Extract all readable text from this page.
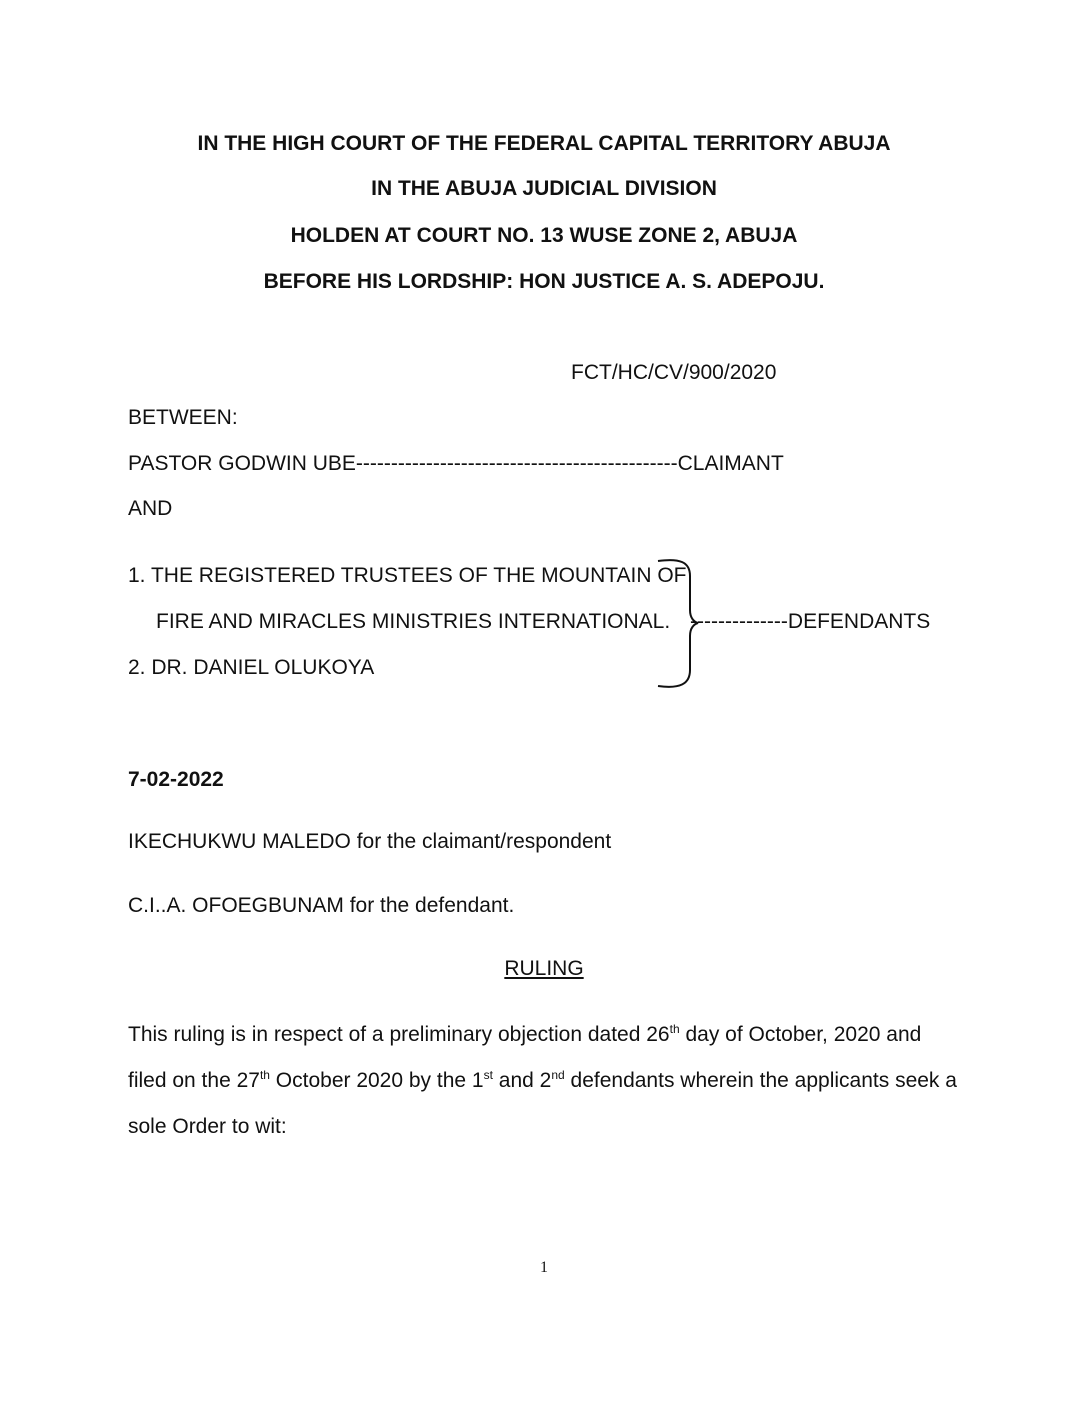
IN THE HIGH COURT OF THE FEDERAL CAPITAL TERRITORY ABUJA
IN THE ABUJA JUDICIAL DIVISION
HOLDEN AT COURT NO. 13 WUSE ZONE 2, ABUJA
BEFORE HIS LORDSHIP: HON JUSTICE A. S. ADEPOJU.
FCT/HC/CV/900/2020
BETWEEN:
PASTOR GODWIN UBE----------------------------------------------CLAIMANT
AND
1. THE REGISTERED TRUSTEES OF THE MOUNTAIN OF
FIRE AND MIRACLES MINISTRIES INTERNATIONAL.
2. DR. DANIEL OLUKOYA
--------------DEFENDANTS
7-02-2022
IKECHUKWU MALEDO for the claimant/respondent
C.I..A. OFOEGBUNAM for the defendant.
RULING
This ruling is in respect of a preliminary objection dated 26th day of October, 2020 and filed on the 27th October 2020 by the 1st and 2nd defendants wherein the applicants seek a sole Order to wit:
1
